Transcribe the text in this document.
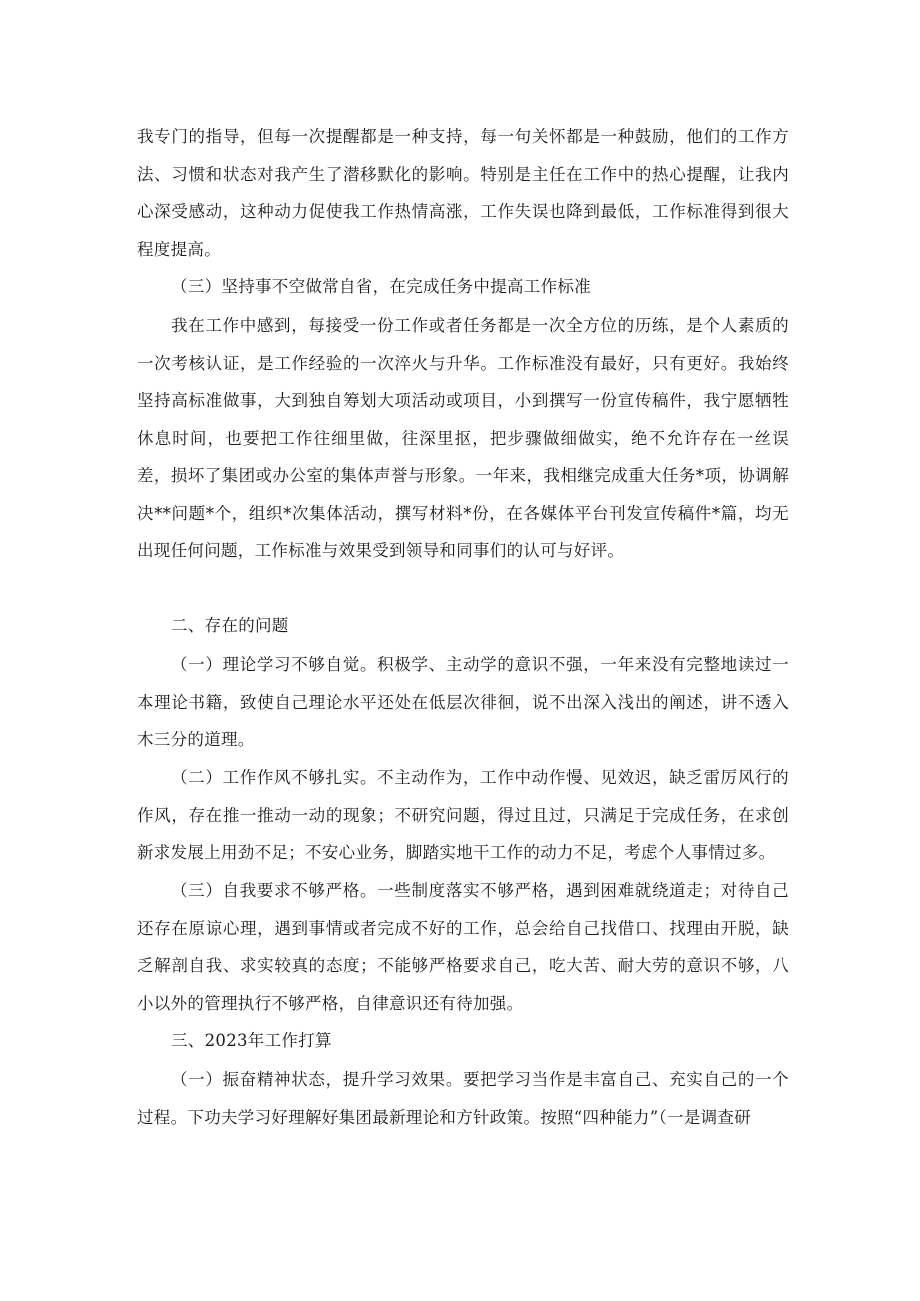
我专门的指导，但每一次提醒都是一种支持，每一句关怀都是一种鼓励，他们的工作方法、习惯和状态对我产生了潜移默化的影响。特别是主任在工作中的热心提醒，让我内心深受感动，这种动力促使我工作热情高涨，工作失误也降到最低，工作标准得到很大程度提高。

（三）坚持事不空做常自省，在完成任务中提高工作标准

我在工作中感到，每接受一份工作或者任务都是一次全方位的历练，是个人素质的一次考核认证，是工作经验的一次淬火与升华。工作标准没有最好，只有更好。我始终坚持高标准做事，大到独自筹划大项活动或项目，小到撰写一份宣传稿件，我宁愿牺牲休息时间，也要把工作往细里做，往深里抠，把步骤做细做实，绝不允许存在一丝误差，损坏了集团或办公室的集体声誉与形象。一年来，我相继完成重大任务*项，协调解决**问题*个，组织*次集体活动，撰写材料*份，在各媒体平台刊发宣传稿件*篇，均无出现任何问题，工作标准与效果受到领导和同事们的认可与好评。

二、存在的问题

（一）理论学习不够自觉。积极学、主动学的意识不强，一年来没有完整地读过一本理论书籍，致使自己理论水平还处在低层次徘徊，说不出深入浅出的阐述，讲不透入木三分的道理。

（二）工作作风不够扎实。不主动作为，工作中动作慢、见效迟，缺乏雷厉风行的作风，存在推一推动一动的现象；不研究问题，得过且过，只满足于完成任务，在求创新求发展上用劲不足；不安心业务，脚踏实地干工作的动力不足，考虑个人事情过多。

（三）自我要求不够严格。一些制度落实不够严格，遇到困难就绕道走；对待自己还存在原谅心理，遇到事情或者完成不好的工作，总会给自己找借口、找理由开脱，缺乏解剖自我、求实较真的态度；不能够严格要求自己，吃大苦、耐大劳的意识不够，八小以外的管理执行不够严格，自律意识还有待加强。

三、2023年工作打算

（一）振奋精神状态，提升学习效果。要把学习当作是丰富自己、充实自己的一个过程。下功夫学习好理解好集团最新理论和方针政策。按照“四种能力”（一是调查研
